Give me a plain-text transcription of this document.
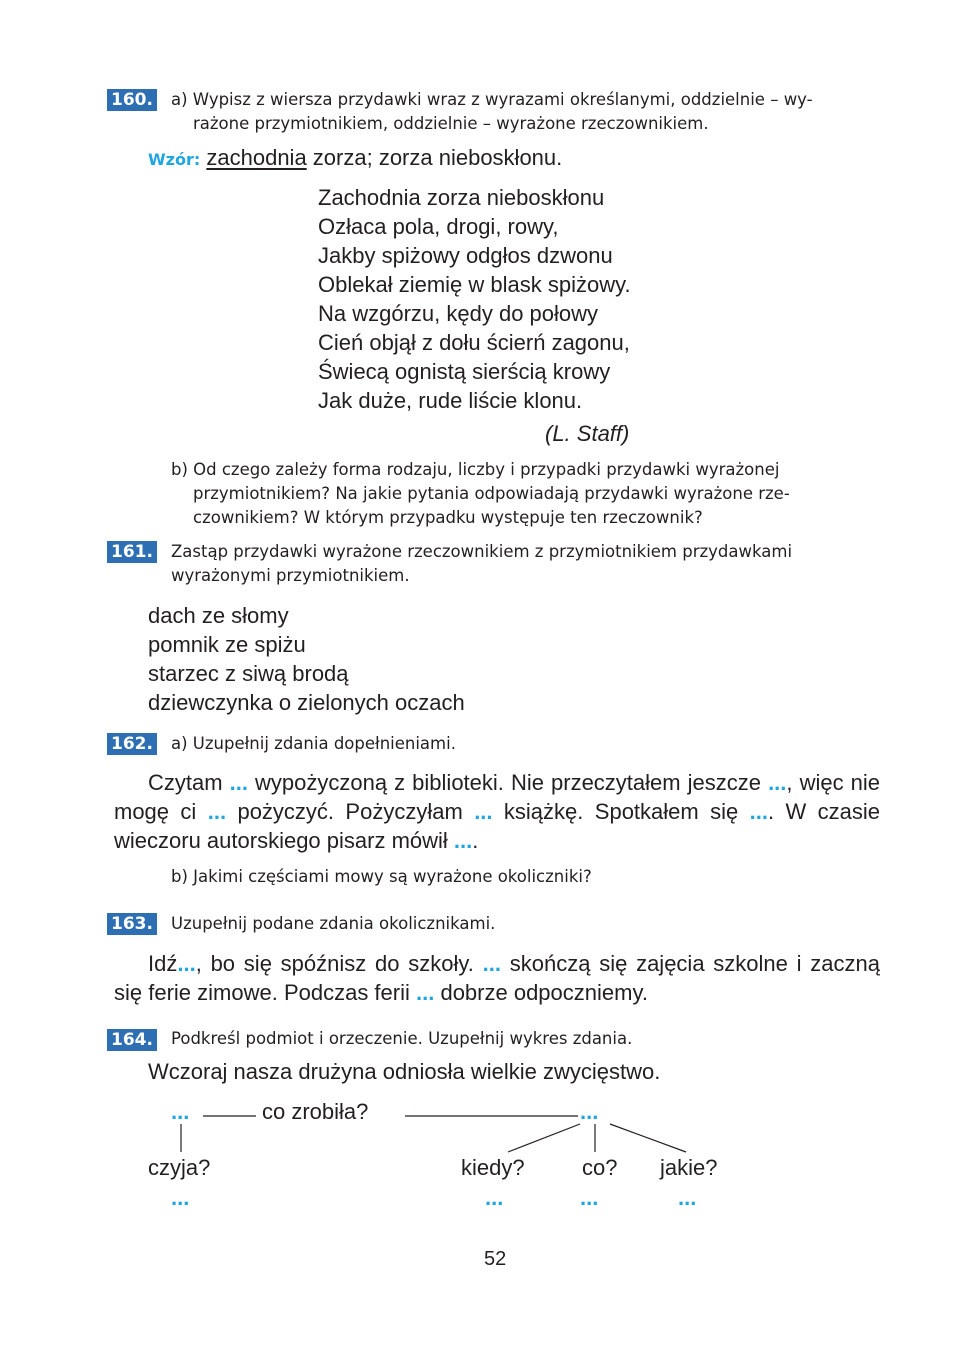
160. a) Wypisz z wiersza przydawki wraz z wyrazami określanymi, oddzielnie – wy-
rażone przymiotnikiem, oddzielnie – wyrażone rzeczownikiem.
Wzór: zachodnia zorza; zorza nieboskłonu.
Zachodnia zorza nieboskłonu
Ozłaca pola, drogi, rowy,
Jakby spiżowy odgłos dzwonu
Oblekał ziemię w blask spiżowy.
Na wzgórzu, kędy do połowy
Cień objął z dołu ścierń zagonu,
Świecą ognistą sierścią krowy
Jak duże, rude liście klonu.
(L. Staff)
b) Od czego zależy forma rodzaju, liczby i przypadki przydawki wyrażonej
przymiotnikiem? Na jakie pytania odpowiadają przydawki wyrażone rze-
czownikiem? W którym przypadku występuje ten rzeczownik?
161. Zastąp przydawki wyrażone rzeczownikiem z przymiotnikiem przydawkami
wyrażonymi przymiotnikiem.
dach ze słomy
pomnik ze spiżu
starzec z siwą brodą
dziewczynka o zielonych oczach
162. a) Uzupełnij zdania dopełnieniami.
Czytam ... wypożyczoną z biblioteki. Nie przeczytałem jeszcze ..., więc nie mogę ci ... pożyczyć. Pożyczyłam ... książkę. Spotkałem się .... W czasie wieczoru autorskiego pisarz mówił ....
b) Jakimi częściami mowy są wyrażone okoliczniki?
163. Uzupełnij podane zdania okolicznikami.
Idź..., bo się spóźnisz do szkoły. ... skończą się zajęcia szkolne i zaczną się ferie zimowe. Podczas ferii ... dobrze odpoczniemy.
164. Podkreśl podmiot i orzeczenie. Uzupełnij wykres zdania.
Wczoraj nasza drużyna odniosła wielkie zwycięstwo.
...	co zrobiła?	...
czyja?	kiedy?	co? jakie?
...	...	...	...
52
